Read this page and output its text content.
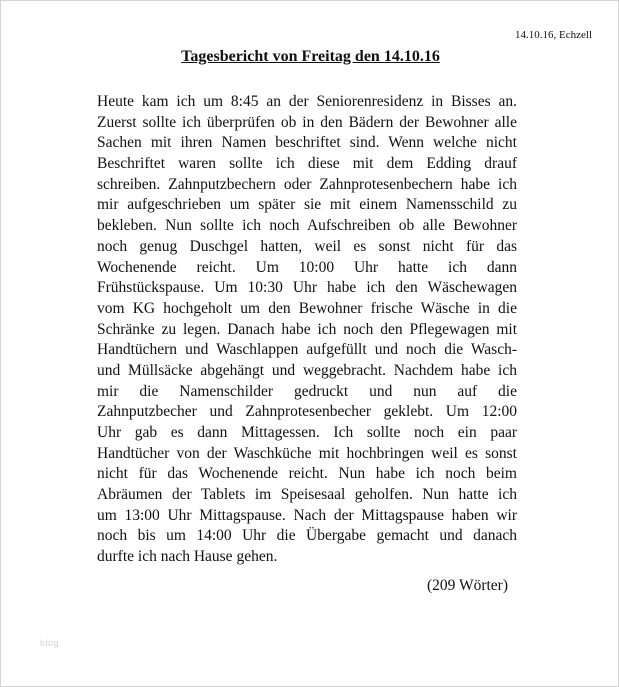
14.10.16, Echzell
Tagesbericht von Freitag den 14.10.16
Heute kam ich um 8:45 an der Seniorenresidenz in Bisses an.
Zuerst sollte ich überprüfen ob in den Bädern der Bewohner alle
Sachen mit ihren Namen beschriftet sind. Wenn welche nicht
Beschriftet waren sollte ich diese mit dem Edding drauf
schreiben. Zahnputzbechern oder Zahnprotesenbechern habe ich
mir aufgeschrieben um später sie mit einem Namensschild zu
bekleben. Nun sollte ich noch Aufschreiben ob alle Bewohner
noch genug Duschgel hatten, weil es sonst nicht für das
Wochenende reicht. Um 10:00 Uhr hatte ich dann
Frühstückspause. Um 10:30 Uhr habe ich den Wäschewagen
vom KG hochgeholt um den Bewohner frische Wäsche in die
Schränke zu legen. Danach habe ich noch den Pflegewagen mit
Handtüchern und Waschlappen aufgefüllt und noch die Wasch-
und Müllsäcke abgehängt und weggebracht. Nachdem habe ich
mir die Namenschilder gedruckt und nun auf die
Zahnputzbecher und Zahnprotesenbecher geklebt. Um 12:00
Uhr gab es dann Mittagessen. Ich sollte noch ein paar
Handtücher von der Waschküche mit hochbringen weil es sonst
nicht für das Wochenende reicht. Nun habe ich noch beim
Abräumen der Tablets im Speisesaal geholfen. Nun hatte ich
um 13:00 Uhr Mittagspause. Nach der Mittagspause haben wir
noch bis um 14:00 Uhr die Übergabe gemacht und danach
durfte ich nach Hause gehen.
(209 Wörter)
blog
